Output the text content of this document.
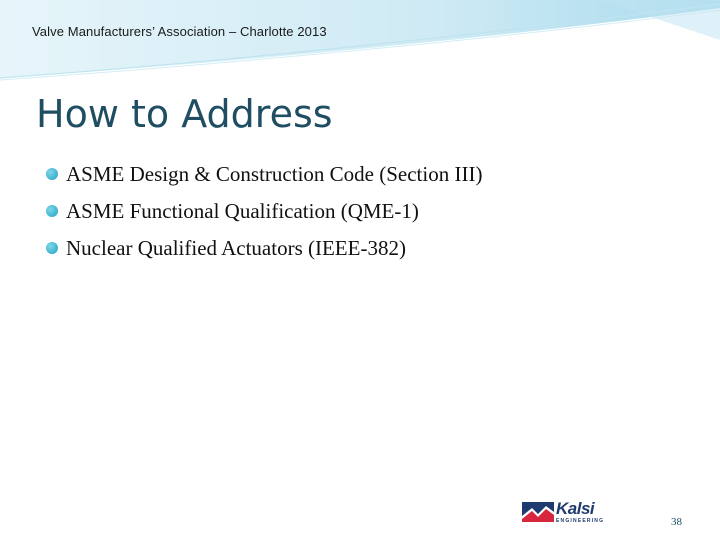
Valve Manufacturers’ Association – Charlotte 2013
How to Address
ASME Design & Construction Code (Section III)
ASME Functional Qualification (QME-1)
Nuclear Qualified Actuators (IEEE-382)
Kalsi
ENGINEERING	38
